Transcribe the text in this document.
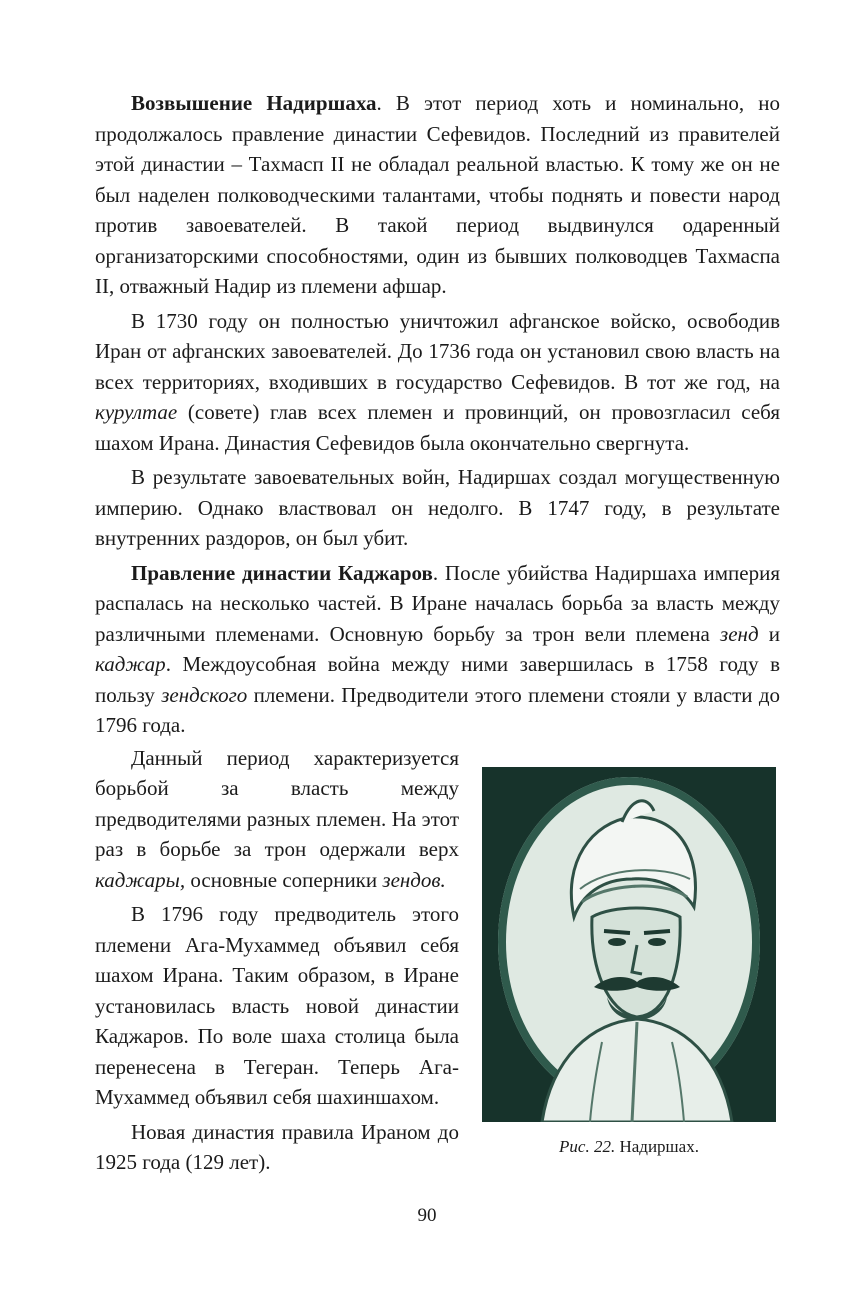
Возвышение Надиршаха. В этот период хоть и номинально, но продолжалось правление династии Сефевидов. Последний из правителей этой династии – Тахмасп II не обладал реальной властью. К тому же он не был наделен полководческими талантами, чтобы поднять и повести народ против завоевателей. В такой период выдвинулся одаренный организаторскими способностями, один из бывших полководцев Тахмаспа II, отважный Надир из племени афшар.

В 1730 году он полностью уничтожил афганское войско, освободив Иран от афганских завоевателей. До 1736 года он установил свою власть на всех территориях, входивших в государство Сефевидов. В тот же год, на курултае (совете) глав всех племен и провинций, он провозгласил себя шахом Ирана. Династия Сефевидов была окончательно свергнута.

В результате завоевательных войн, Надиршах создал могущественную империю. Однако властвовал он недолго. В 1747 году, в результате внутренних раздоров, он был убит.

Правление династии Каджаров. После убийства Надиршаха империя распалась на несколько частей. В Иране началась борьба за власть между различными племенами. Основную борьбу за трон вели племена зенд и каджар. Междоусобная война между ними завершилась в 1758 году в пользу зендского племени. Предводители этого племени стояли у власти до 1796 года.

Данный период характеризуется борьбой за власть между предводителями разных племен. На этот раз в борьбе за трон одержали верх каджары, основные соперники зендов.

В 1796 году предводитель этого племени Ага-Мухаммед объявил себя шахом Ирана. Таким образом, в Иране установилась власть новой династии Каджаров. По воле шаха столица была перенесена в Тегеран. Теперь Ага-Мухаммед объявил себя шахиншахом.

Новая династия правила Ираном до 1925 года (129 лет).

Рис. 22. Надиршах.
90
